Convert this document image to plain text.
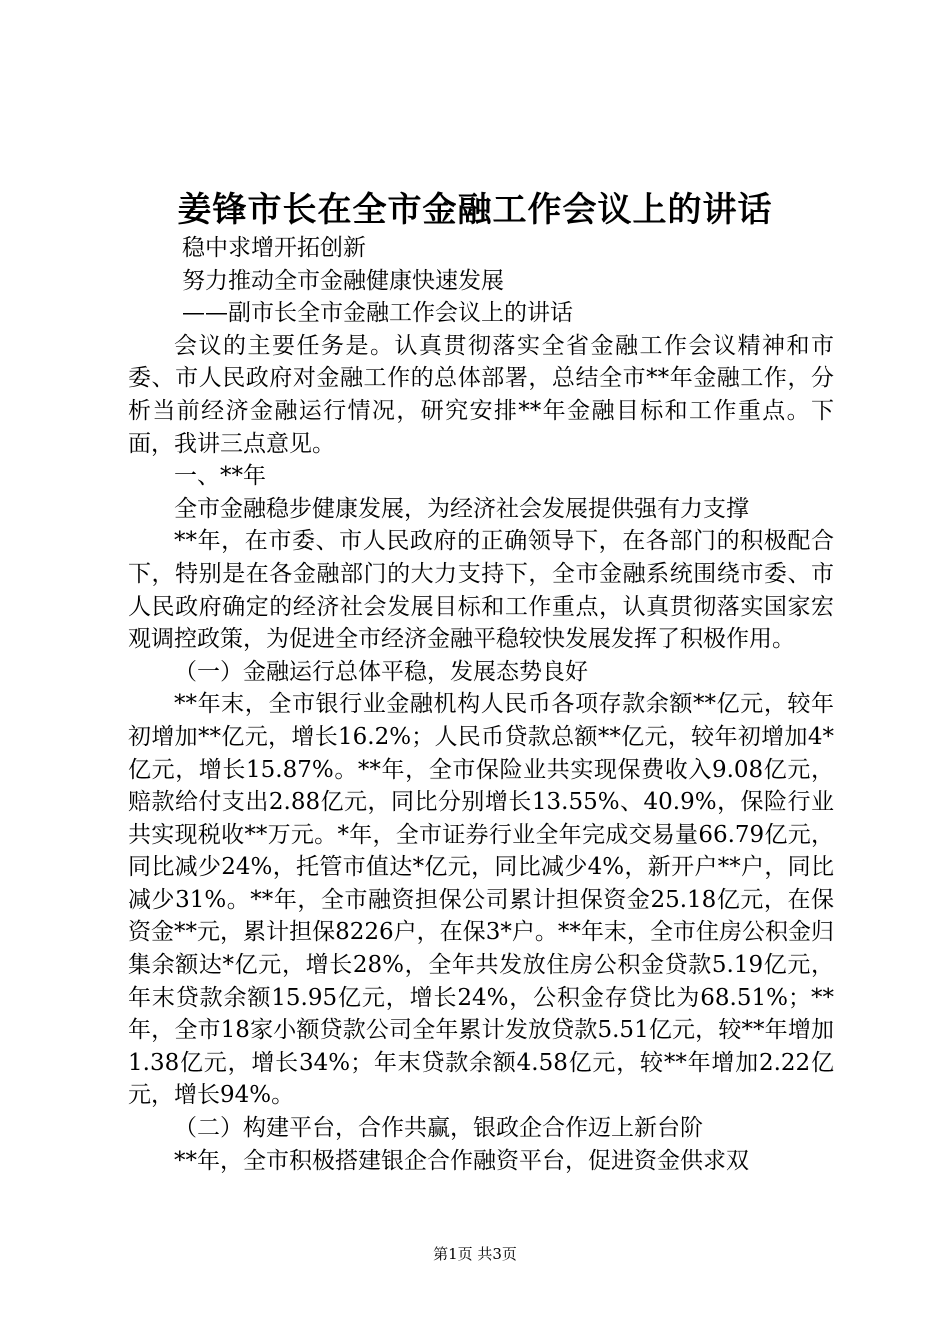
姜锋市长在全市金融工作会议上的讲话
稳中求增开拓创新
努力推动全市金融健康快速发展
——副市长全市金融工作会议上的讲话
会议的主要任务是。认真贯彻落实全省金融工作会议精神和市委、市人民政府对金融工作的总体部署，总结全市**年金融工作，分析当前经济金融运行情况，研究安排**年金融目标和工作重点。下面，我讲三点意见。
一、**年
全市金融稳步健康发展，为经济社会发展提供强有力支撑
**年，在市委、市人民政府的正确领导下，在各部门的积极配合下，特别是在各金融部门的大力支持下，全市金融系统围绕市委、市人民政府确定的经济社会发展目标和工作重点，认真贯彻落实国家宏观调控政策，为促进全市经济金融平稳较快发展发挥了积极作用。
（一）金融运行总体平稳，发展态势良好
**年末，全市银行业金融机构人民币各项存款余额**亿元，较年初增加**亿元，增长16.2%；人民币贷款总额**亿元，较年初增加4*亿元，增长15.87%。**年，全市保险业共实现保费收入9.08亿元，赔款给付支出2.88亿元，同比分别增长13.55%、40.9%，保险行业共实现税收**万元。*年，全市证券行业全年完成交易量66.79亿元，同比减少24%，托管市值达*亿元，同比减少4%，新开户**户，同比减少31%。**年，全市融资担保公司累计担保资金25.18亿元，在保资金**元，累计担保8226户，在保3*户。**年末，全市住房公积金归集余额达*亿元，增长28%，全年共发放住房公积金贷款5.19亿元，年末贷款余额15.95亿元，增长24%，公积金存贷比为68.51%；**年，全市18家小额贷款公司全年累计发放贷款5.51亿元，较**年增加1.38亿元，增长34%；年末贷款余额4.58亿元，较**年增加2.22亿元，增长94%。
（二）构建平台，合作共赢，银政企合作迈上新台阶
**年，全市积极搭建银企合作融资平台，促进资金供求双
第1页 共3页
